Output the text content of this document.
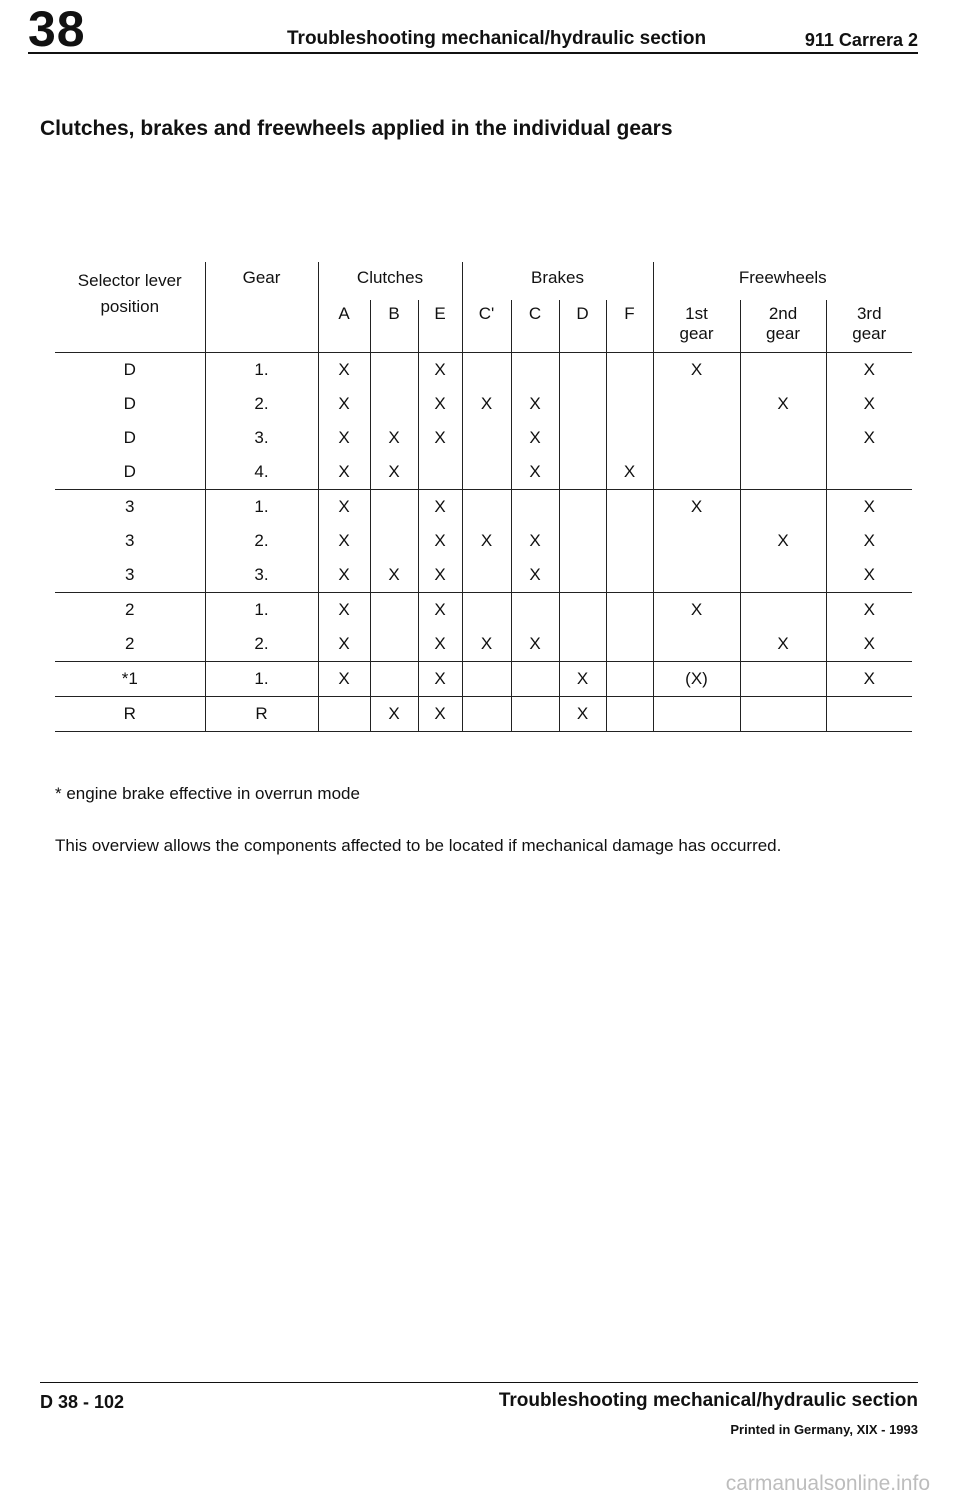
38	Troubleshooting mechanical/hydraulic section	911 Carrera 2
Clutches, brakes and freewheels applied in the individual gears
Selector lever position	Gear	Clutches			Brakes				Freewheels		
		A	B	E	C'	C	D	F	1st gear	2nd gear	3rd gear
D	1.	X		X					X		X
D	2.	X		X	X	X				X	X
D	3.	X	X	X		X					X
D	4.	X	X			X		X			
3	1.	X		X					X		X
3	2.	X		X	X	X				X	X
3	3.	X	X	X		X					X
2	1.	X		X					X		X
2	2.	X		X	X	X				X	X
*1	1.	X		X			X		(X)		X
R	R		X	X			X				
* engine brake effective in overrun mode
This overview allows the components affected to be located if mechanical damage has occurred.
D 38 - 102	Troubleshooting mechanical/hydraulic section
Printed in Germany, XIX - 1993
carmanualsonline.info
